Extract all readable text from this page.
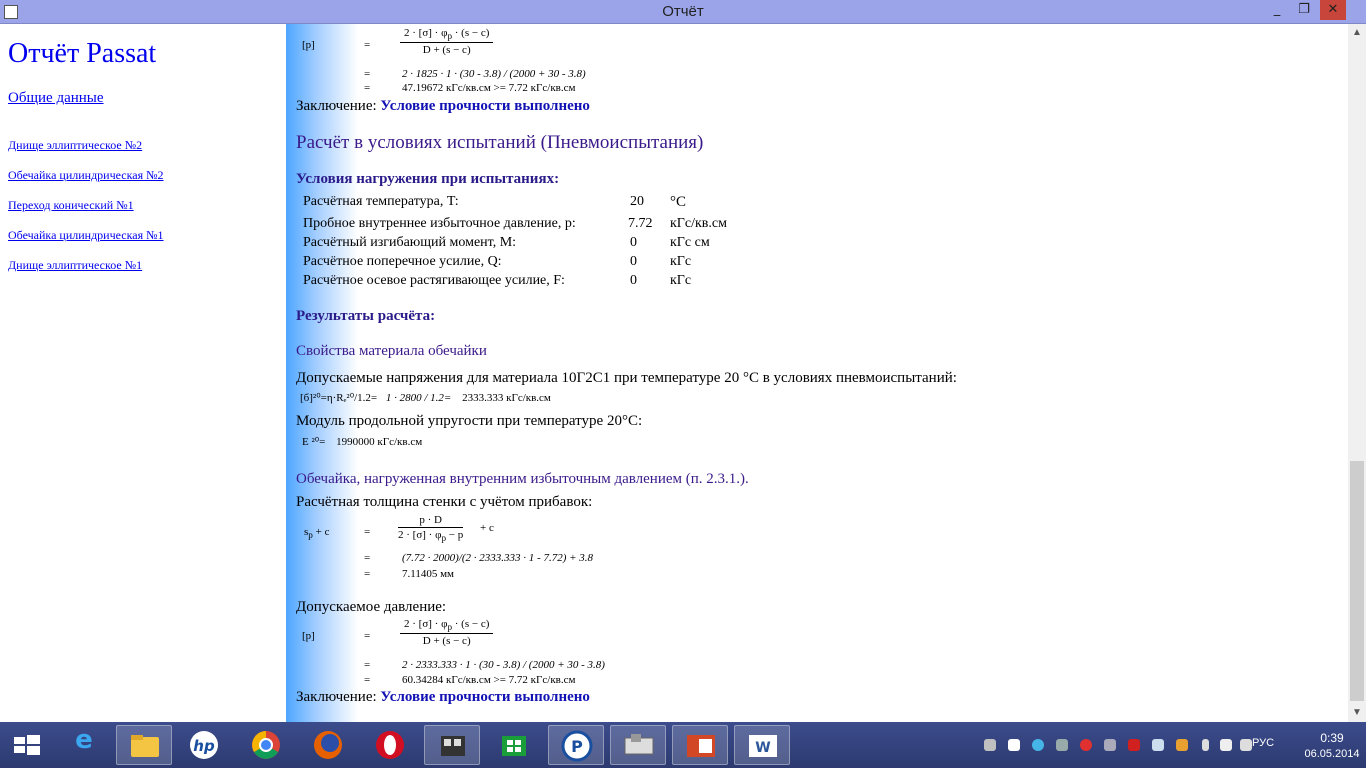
Отчёт	_	❐	✕
Отчёт Passat
Общие данные
Днище эллиптическое №2
Обечайка цилиндрическая №2
Переход конический №1
Обечайка цилиндрическая №1
Днище эллиптическое №1
[p]	=	$\frac{2 \cdot [\sigma] \cdot \varphi_p \cdot (s - c)}{D + (s - c)}$
=	2 · 1825 · 1 · (30 - 3.8) / (2000 + 30 - 3.8)
=	47.19672 кГс/кв.см >= 7.72 кГс/кв.см
Заключение: Условие прочности выполнено
Расчёт в условиях испытаний (Пневмоиспытания)
Условия нагружения при испытаниях:
Расчётная температура, T:	20 °C
Пробное внутреннее избыточное давление, p:	7.72 кГс/кв.см
Расчётный изгибающий момент, M:	0 кГс см
Расчётное поперечное усилие, Q:	0 кГс
Расчётное осевое растягивающее усилие, F:	0 кГс
Результаты расчёта:
Свойства материала обечайки
Допускаемые напряжения для материала 10Г2С1 при температуре 20 °C в условиях пневмоиспытаний:
[б]²⁰=η·Rₑ²⁰/1.2= 1 · 2800 / 1.2= 2333.333 кГс/кв.см
Модуль продольной упругости при температуре 20°C:
E ²⁰= 1990000 кГс/кв.см
Обечайка, нагруженная внутренним избыточным давлением (п. 2.3.1.).
Расчётная толщина стенки с учётом прибавок:
$s_p + c$	=	$\frac{p \cdot D}{2 \cdot [\sigma] \cdot \varphi_p - p} + c$
=	(7.72 · 2000)/(2 · 2333.333 · 1 - 7.72) + 3.8
=	7.11405 мм
Допускаемое давление:
[p]	=	$\frac{2 \cdot [\sigma] \cdot \varphi_p \cdot (s - c)}{D + (s - c)}$
=	2 · 2333.333 · 1 · (30 - 3.8) / (2000 + 30 - 3.8)
=	60.34284 кГс/кв.см >= 7.72 кГс/кв.см
Заключение: Условие прочности выполнено
▲
▼
e	hp	P	W	РУС	0:39
06.05.2014
